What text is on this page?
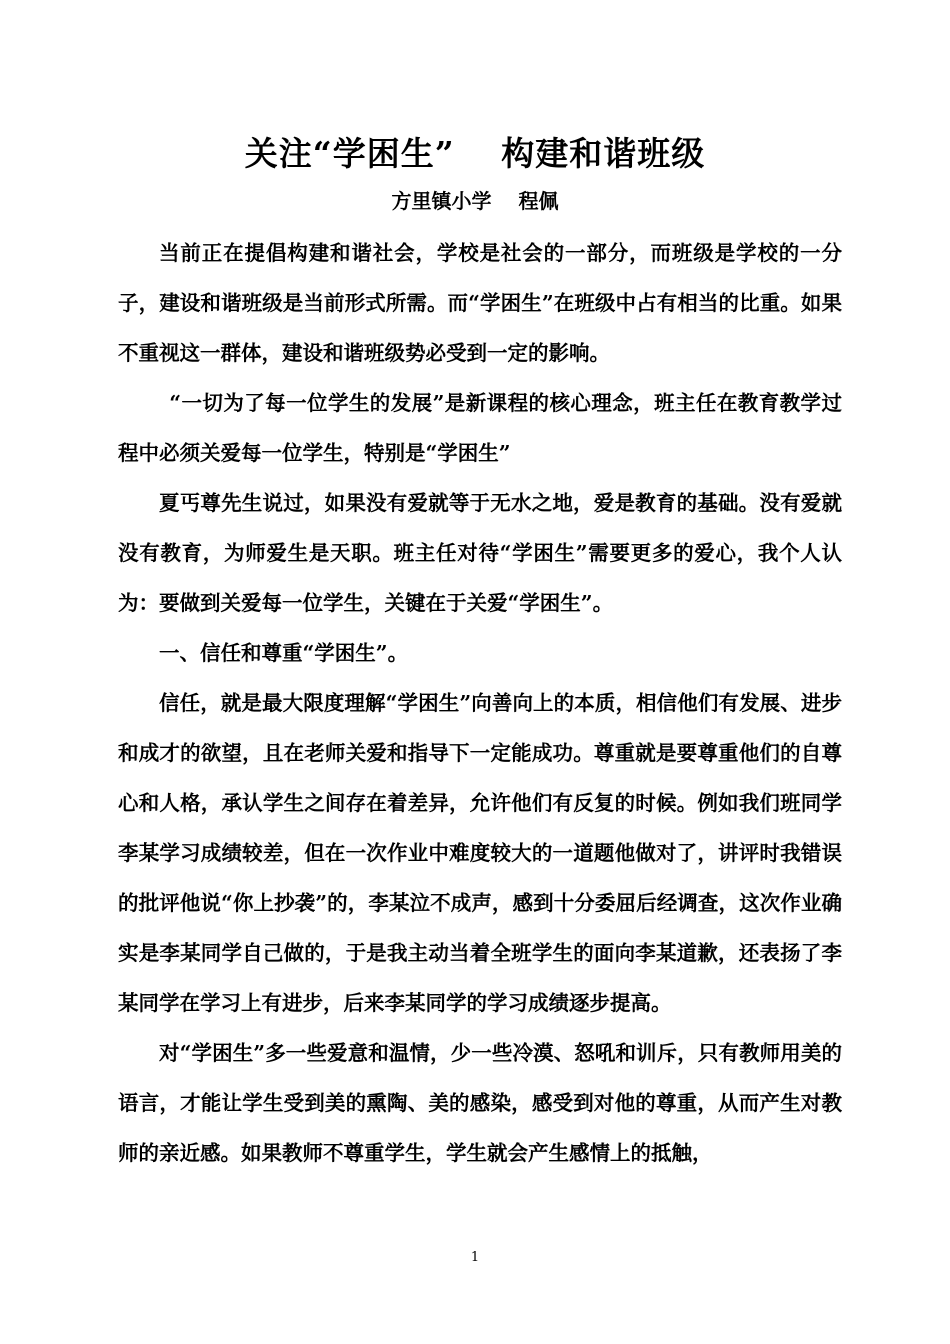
关注“学困生”　 构建和谐班级
方里镇小学　 程佩

当前正在提倡构建和谐社会，学校是社会的一部分，而班级是学校的一分子，建设和谐班级是当前形式所需。而“学困生”在班级中占有相当的比重。如果不重视这一群体，建设和谐班级势必受到一定的影响。

“一切为了每一位学生的发展”是新课程的核心理念，班主任在教育教学过程中必须关爱每一位学生，特别是“学困生”

夏丐尊先生说过，如果没有爱就等于无水之地，爱是教育的基础。没有爱就没有教育，为师爱生是天职。班主任对待“学困生”需要更多的爱心，我个人认为：要做到关爱每一位学生，关键在于关爱“学困生”。

一、信任和尊重“学困生”。

信任，就是最大限度理解“学困生”向善向上的本质，相信他们有发展、进步和成才的欲望，且在老师关爱和指导下一定能成功。尊重就是要尊重他们的自尊心和人格，承认学生之间存在着差异，允许他们有反复的时候。例如我们班同学李某学习成绩较差，但在一次作业中难度较大的一道题他做对了，讲评时我错误的批评他说“你上抄袭”的，李某泣不成声，感到十分委屈后经调查，这次作业确实是李某同学自己做的，于是我主动当着全班学生的面向李某道歉，还表扬了李某同学在学习上有进步，后来李某同学的学习成绩逐步提高。

对“学困生”多一些爱意和温情，少一些冷漠、怒吼和训斥，只有教师用美的语言，才能让学生受到美的熏陶、美的感染，感受到对他的尊重，从而产生对教师的亲近感。如果教师不尊重学生，学生就会产生感情上的抵触，

1
